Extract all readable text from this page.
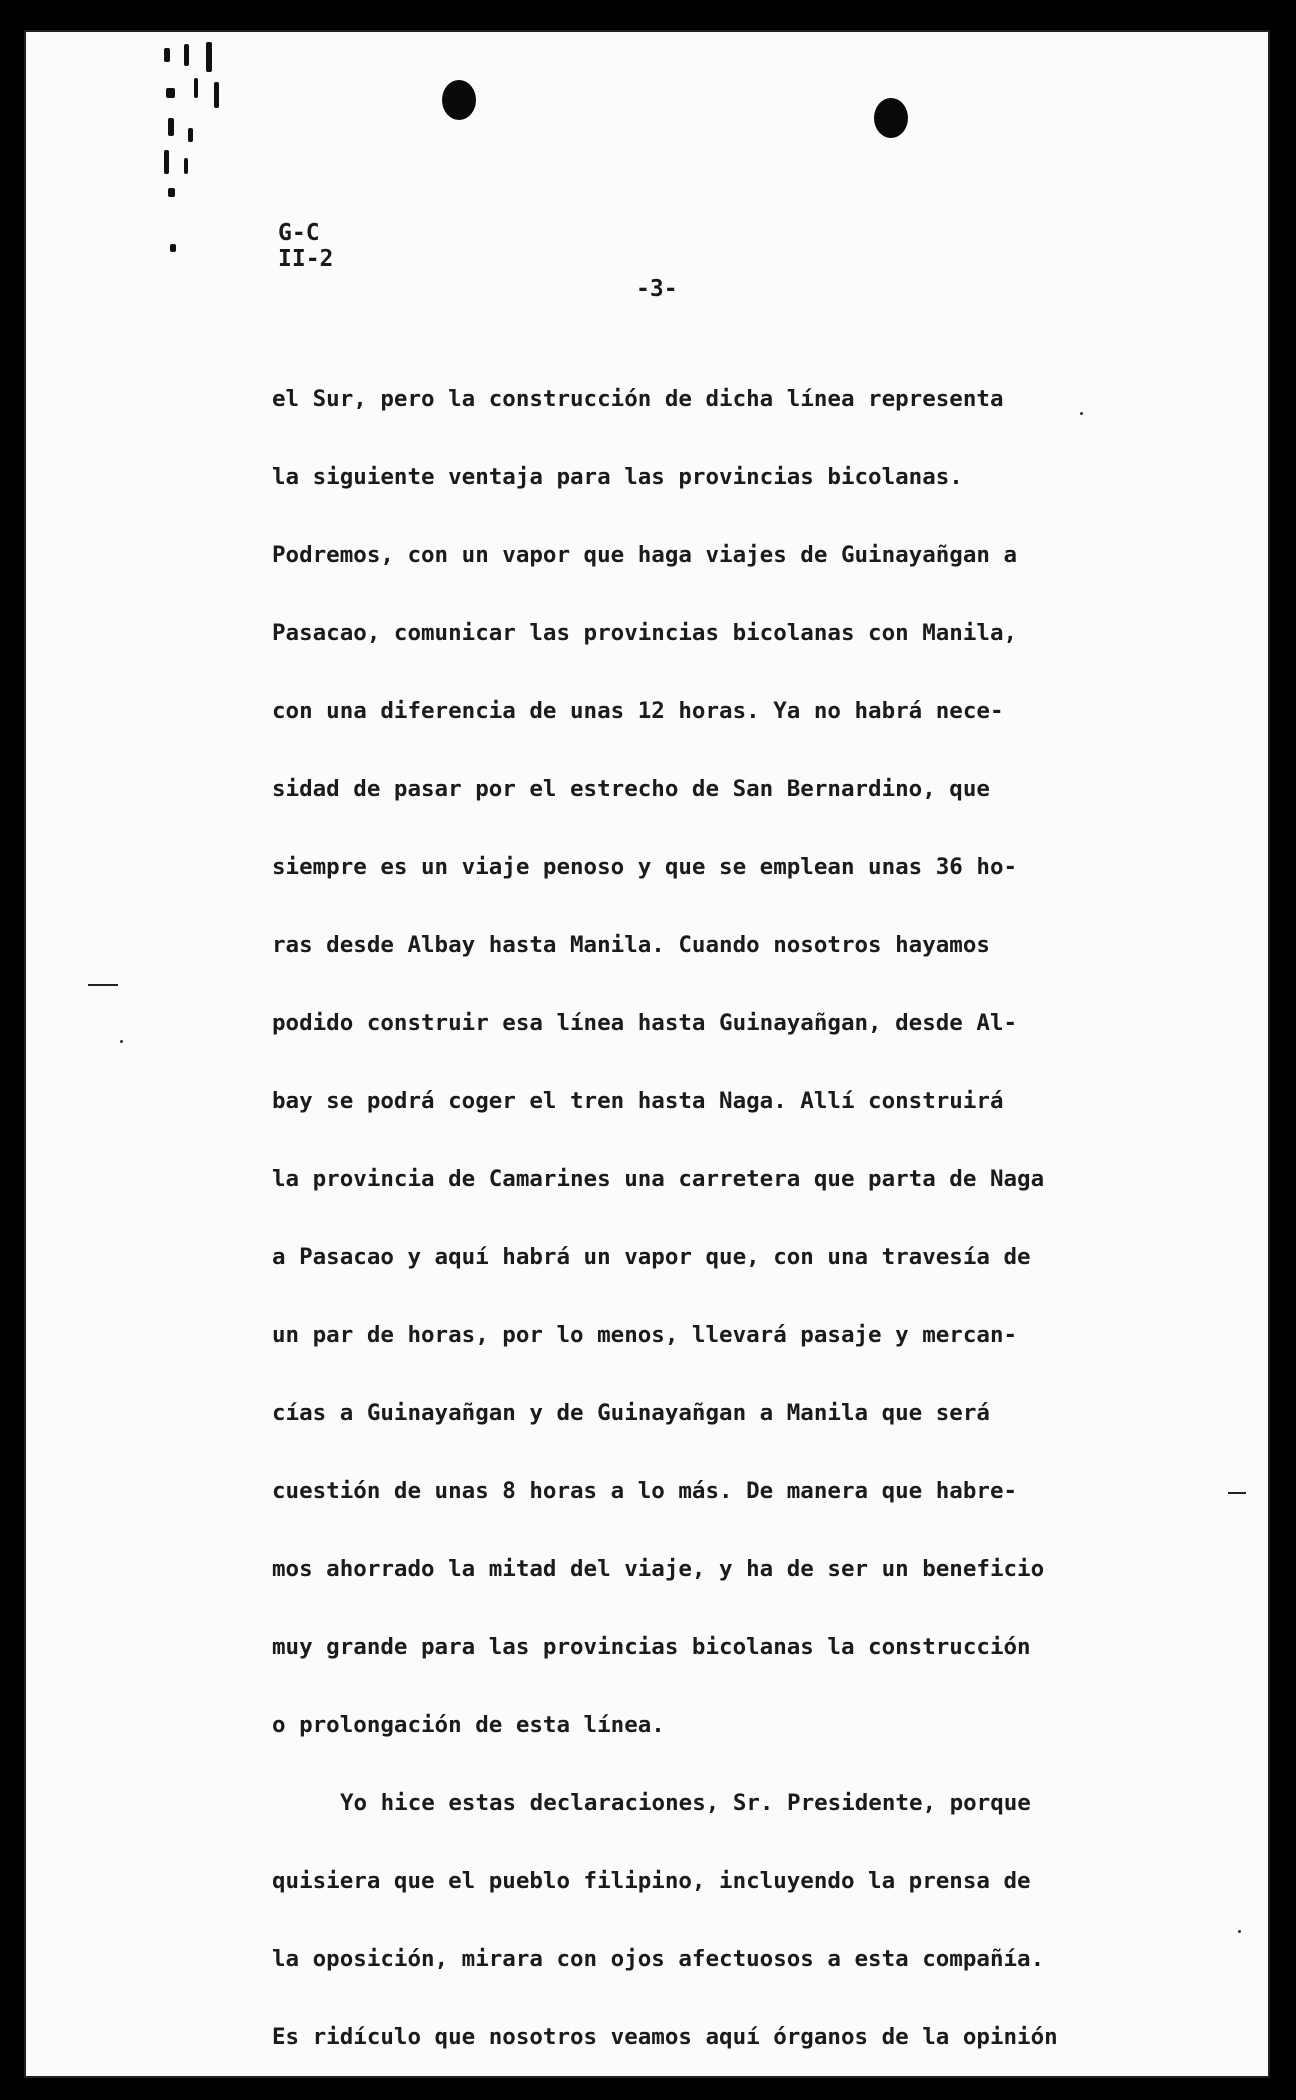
G-C
II-2
-3-
el Sur, pero la construcción de dicha línea representa
la siguiente ventaja para las provincias bicolanas.
Podremos, con un vapor que haga viajes de Guinayañgan a
Pasacao, comunicar las provincias bicolanas con Manila,
con una diferencia de unas 12 horas. Ya no habrá nece-
sidad de pasar por el estrecho de San Bernardino, que
siempre es un viaje penoso y que se emplean unas 36 ho-
ras desde Albay hasta Manila. Cuando nosotros hayamos
podido construir esa línea hasta Guinayañgan, desde Al-
bay se podrá coger el tren hasta Naga. Allí construirá
la provincia de Camarines una carretera que parta de Naga
a Pasacao y aquí habrá un vapor que, con una travesía de
un par de horas, por lo menos, llevará pasaje y mercan-
cías a Guinayañgan y de Guinayañgan a Manila que será
cuestión de unas 8 horas a lo más. De manera que habre-
mos ahorrado la mitad del viaje, y ha de ser un beneficio
muy grande para las provincias bicolanas la construcción
o prolongación de esta línea.
Yo hice estas declaraciones, Sr. Presidente, porque
quisiera que el pueblo filipino, incluyendo la prensa de
la oposición, mirara con ojos afectuosos a esta compañía.
Es ridículo que nosotros veamos aquí órganos de la opinión
